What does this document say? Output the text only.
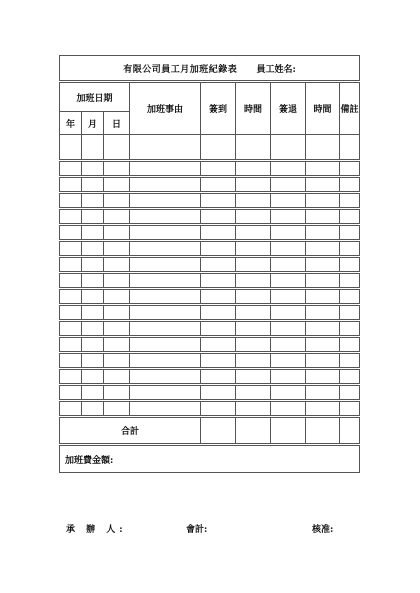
有限公司員工月加班紀錄表 員工姓名:								
加班日期			加班事由	簽到	時間	簽退	時間	備註
年	月	日						

合計								
加班費金額:								
承 辦 人:	會計:	核准:
